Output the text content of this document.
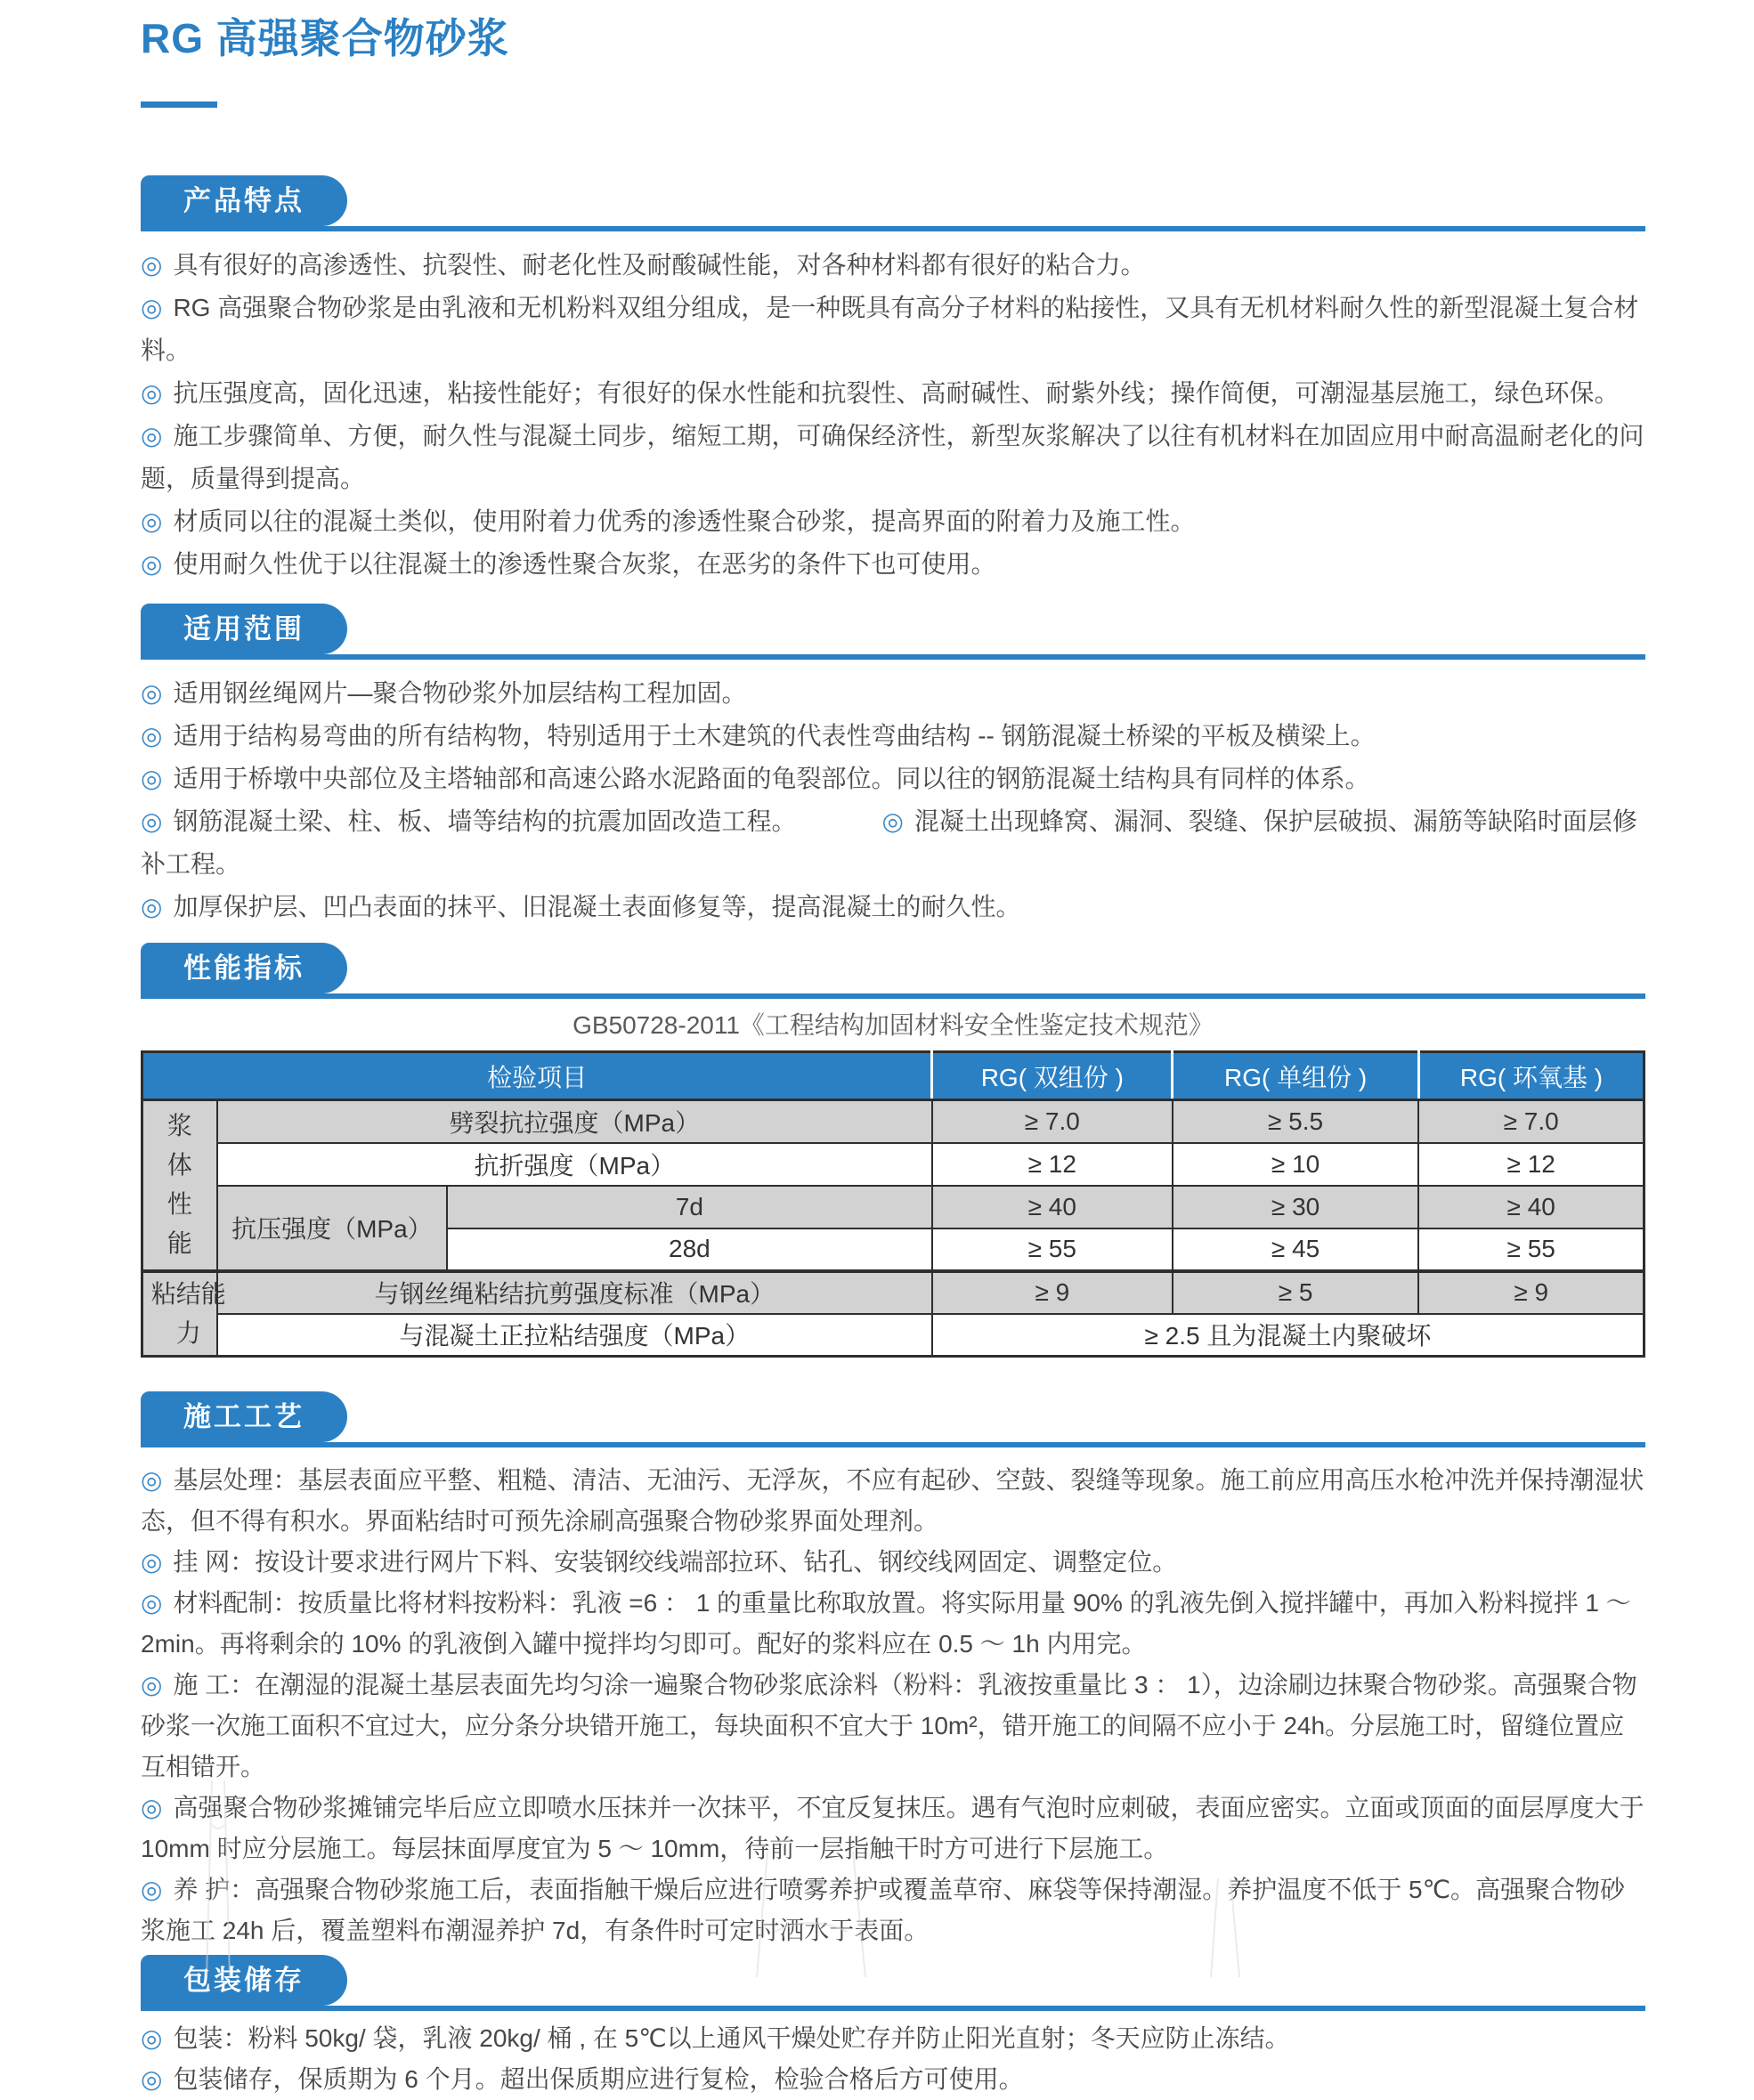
RG 高强聚合物砂浆
产品特点

◎ 具有很好的高渗透性、抗裂性、耐老化性及耐酸碱性能，对各种材料都有很好的粘合力。

◎ RG 高强聚合物砂浆是由乳液和无机粉料双组分组成，是一种既具有高分子材料的粘接性，又具有无机材料耐久性的新型混凝土复合材料。

◎ 抗压强度高，固化迅速，粘接性能好；有很好的保水性能和抗裂性、高耐碱性、耐紫外线；操作简便，可潮湿基层施工，绿色环保。

◎ 施工步骤简单、方便，耐久性与混凝土同步，缩短工期，可确保经济性，新型灰浆解决了以往有机材料在加固应用中耐高温耐老化的问题，质量得到提高。

◎ 材质同以往的混凝土类似，使用附着力优秀的渗透性聚合砂浆，提高界面的附着力及施工性。

◎ 使用耐久性优于以往混凝土的渗透性聚合灰浆，在恶劣的条件下也可使用。

适用范围

◎ 适用钢丝绳网片—聚合物砂浆外加层结构工程加固。

◎ 适用于结构易弯曲的所有结构物，特别适用于土木建筑的代表性弯曲结构 -- 钢筋混凝土桥梁的平板及横梁上。

◎ 适用于桥墩中央部位及主塔轴部和高速公路水泥路面的龟裂部位。同以往的钢筋混凝土结构具有同样的体系。

◎ 钢筋混凝土梁、柱、板、墙等结构的抗震加固改造工程。	◎ 混凝土出现蜂窝、漏洞、裂缝、保护层破损、漏筋等缺陷时面层修补工程。

◎ 加厚保护层、凹凸表面的抹平、旧混凝土表面修复等，提高混凝土的耐久性。

性能指标
GB50728-2011《工程结构加固材料安全性鉴定技术规范》
检验项目			RG( 双组份 )	RG( 单组份 )	RG( 环氧基 )

浆体性能	劈裂抗拉强度（MPa）		≥ 7.0	≥ 5.5	≥ 7.0
	抗折强度（MPa）		≥ 12	≥ 10	≥ 12
	抗压强度（MPa）	7d	≥ 40	≥ 30	≥ 40
		28d	≥ 55	≥ 45	≥ 55

粘结能力	与钢丝绳粘结抗剪强度标准（MPa）		≥ 9	≥ 5	≥ 9
	与混凝土正拉粘结强度（MPa）		≥ 2.5 且为混凝土内聚破坏		
施工工艺

◎ 基层处理：基层表面应平整、粗糙、清洁、无油污、无浮灰，不应有起砂、空鼓、裂缝等现象。施工前应用高压水枪冲洗并保持潮湿状态，但不得有积水。界面粘结时可预先涂刷高强聚合物砂浆界面处理剂。

◎ 挂 网：按设计要求进行网片下料、安装钢绞线端部拉环、钻孔、钢绞线网固定、调整定位。

◎ 材料配制：按质量比将材料按粉料：乳液 =6 ： 1 的重量比称取放置。将实际用量 90% 的乳液先倒入搅拌罐中，再加入粉料搅拌 1 ～ 2min。再将剩余的 10% 的乳液倒入罐中搅拌均匀即可。配好的浆料应在 0.5 ～ 1h 内用完。

◎ 施 工：在潮湿的混凝土基层表面先均匀涂一遍聚合物砂浆底涂料（粉料：乳液按重量比 3 ： 1），边涂刷边抹聚合物砂浆。高强聚合物砂浆一次施工面积不宜过大，应分条分块错开施工，每块面积不宜大于 10m²，错开施工的间隔不应小于 24h。分层施工时，留缝位置应互相错开。

◎ 高强聚合物砂浆摊铺完毕后应立即喷水压抹并一次抹平，不宜反复抹压。遇有气泡时应刺破，表面应密实。立面或顶面的面层厚度大于 10mm 时应分层施工。每层抹面厚度宜为 5 ～ 10mm，待前一层指触干时方可进行下层施工。

◎ 养 护：高强聚合物砂浆施工后，表面指触干燥后应进行喷雾养护或覆盖草帘、麻袋等保持潮湿。养护温度不低于 5℃。高强聚合物砂浆施工 24h 后，覆盖塑料布潮湿养护 7d，有条件时可定时洒水于表面。

包装储存

◎ 包装：粉料 50kg/ 袋，乳液 20kg/ 桶 , 在 5℃以上通风干燥处贮存并防止阳光直射；冬天应防止冻结。

◎ 包装储存，保质期为 6 个月。超出保质期应进行复检，检验合格后方可使用。
